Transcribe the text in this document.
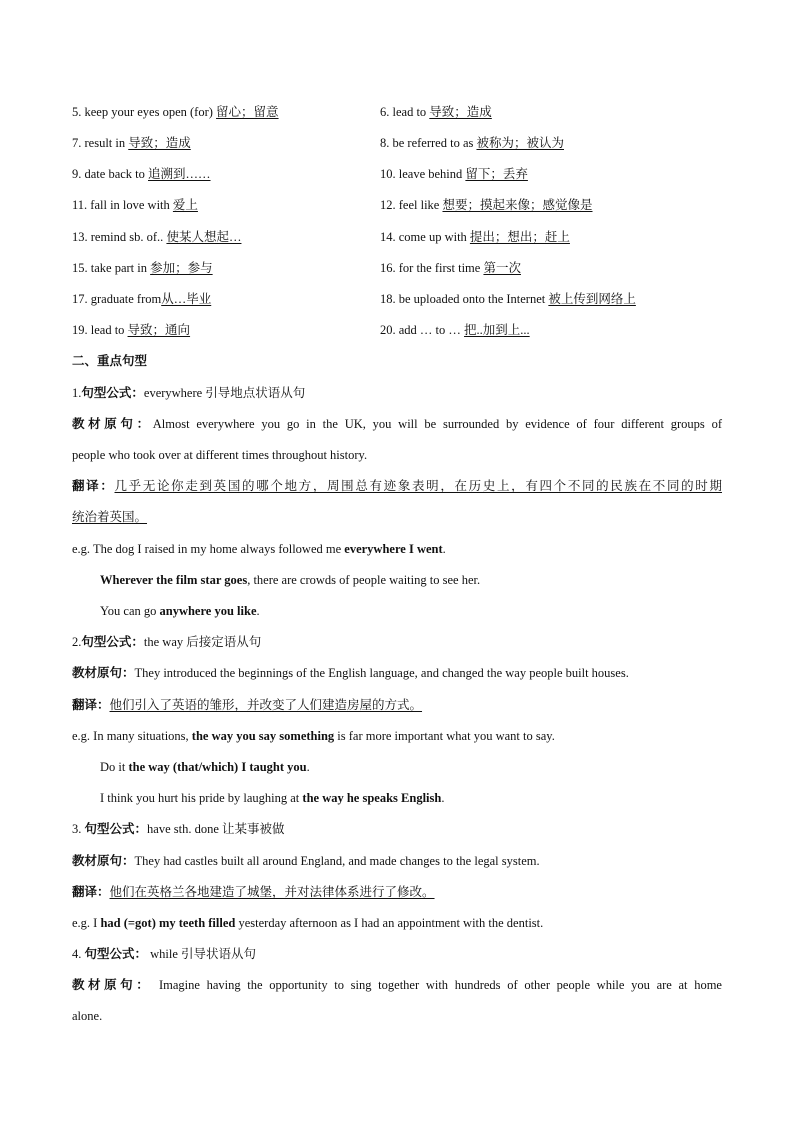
5. keep your eyes open (for) 留心；留意	6. lead to 导致；造成
7. result in 导致；造成	8. be referred to as 被称为；被认为
9. date back to 追溯到……	10. leave behind 留下；丢弃
11. fall in love with 爱上	12. feel like 想要；摸起来像；感觉像是
13. remind sb. of.. 使某人想起…	14. come up with 提出；想出；赶上
15. take part in 参加；参与	16. for the first time 第一次
17. graduate from从…毕业	18. be uploaded onto the Internet 被上传到网络上
19. lead to 导致；通向	20. add … to … 把..加到上...
二、重点句型
1.句型公式：everywhere 引导地点状语从句
教材原句：Almost everywhere you go in the UK, you will be surrounded by evidence of four different groups of
people who took over at different times throughout history.
翻译：几乎无论你走到英国的哪个地方，周围总有迹象表明，在历史上，有四个不同的民族在不同的时期
统治着英国。
e.g. The dog I raised in my home always followed me everywhere I went.
Wherever the film star goes, there are crowds of people waiting to see her.
You can go anywhere you like.
2.句型公式：the way 后接定语从句
教材原句：They introduced the beginnings of the English language, and changed the way people built houses.
翻译：他们引入了英语的雏形，并改变了人们建造房屋的方式。
e.g. In many situations, the way you say something is far more important what you want to say.
Do it the way (that/which) I taught you.
I think you hurt his pride by laughing at the way he speaks English.
3. 句型公式：have sth. done 让某事被做
教材原句：They had castles built all around England, and made changes to the legal system.
翻译：他们在英格兰各地建造了城堡，并对法律体系进行了修改。
e.g. I had (=got) my teeth filled yesterday afternoon as I had an appointment with the dentist.
4. 句型公式： while 引导状语从句
教材原句： Imagine having the opportunity to sing together with hundreds of other people while you are at home
alone.
